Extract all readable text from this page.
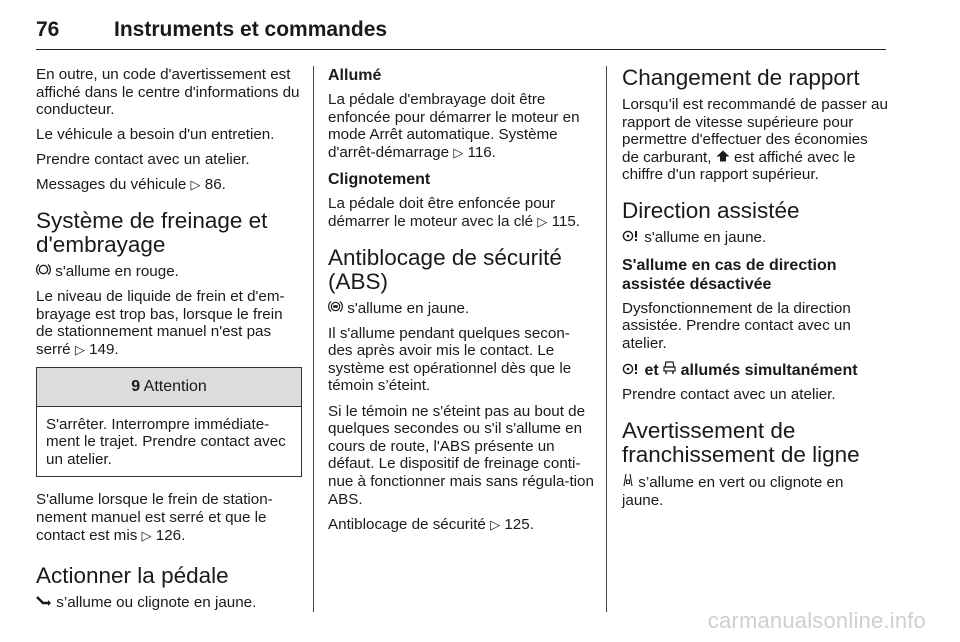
76	Instruments et commandes

En outre, un code d'avertissement est affiché dans le centre d'informations du conducteur.

Le véhicule a besoin d'un entretien.

Prendre contact avec un atelier.

Messages du véhicule ▷ 86.

Système de freinage et d'embrayage

s'allume en rouge.

Le niveau de liquide de frein et d'em-brayage est trop bas, lorsque le frein de stationnement manuel n'est pas serré ▷ 149.

9 Attention
S'arrêter. Interrompre immédiate-ment le trajet. Prendre contact avec un atelier.

S'allume lorsque le frein de station-nement manuel est serré et que le contact est mis ▷ 126.

Actionner la pédale

s’allume ou clignote en jaune.

Allumé

La pédale d'embrayage doit être enfoncée pour démarrer le moteur en mode Arrêt automatique. Système d'arrêt-démarrage ▷ 116.

Clignotement

La pédale doit être enfoncée pour démarrer le moteur avec la clé ▷ 115.

Antiblocage de sécurité (ABS)

s'allume en jaune.

Il s'allume pendant quelques secon-des après avoir mis le contact. Le système est opérationnel dès que le témoin s’éteint.

Si le témoin ne s'éteint pas au bout de quelques secondes ou s'il s'allume en cours de route, l'ABS présente un défaut. Le dispositif de freinage conti-nue à fonctionner mais sans régula-tion ABS.

Antiblocage de sécurité ▷ 125.

Changement de rapport

Lorsqu’il est recommandé de passer au rapport de vitesse supérieure pour permettre d'effectuer des économies de carburant, est affiché avec le chiffre d'un rapport supérieur.

Direction assistée

s'allume en jaune.

S'allume en cas de direction assistée désactivée

Dysfonctionnement de la direction assistée. Prendre contact avec un atelier.

et allumés simultanément

Prendre contact avec un atelier.

Avertissement de franchissement de ligne

s’allume en vert ou clignote en jaune.

carmanualsonline.info
